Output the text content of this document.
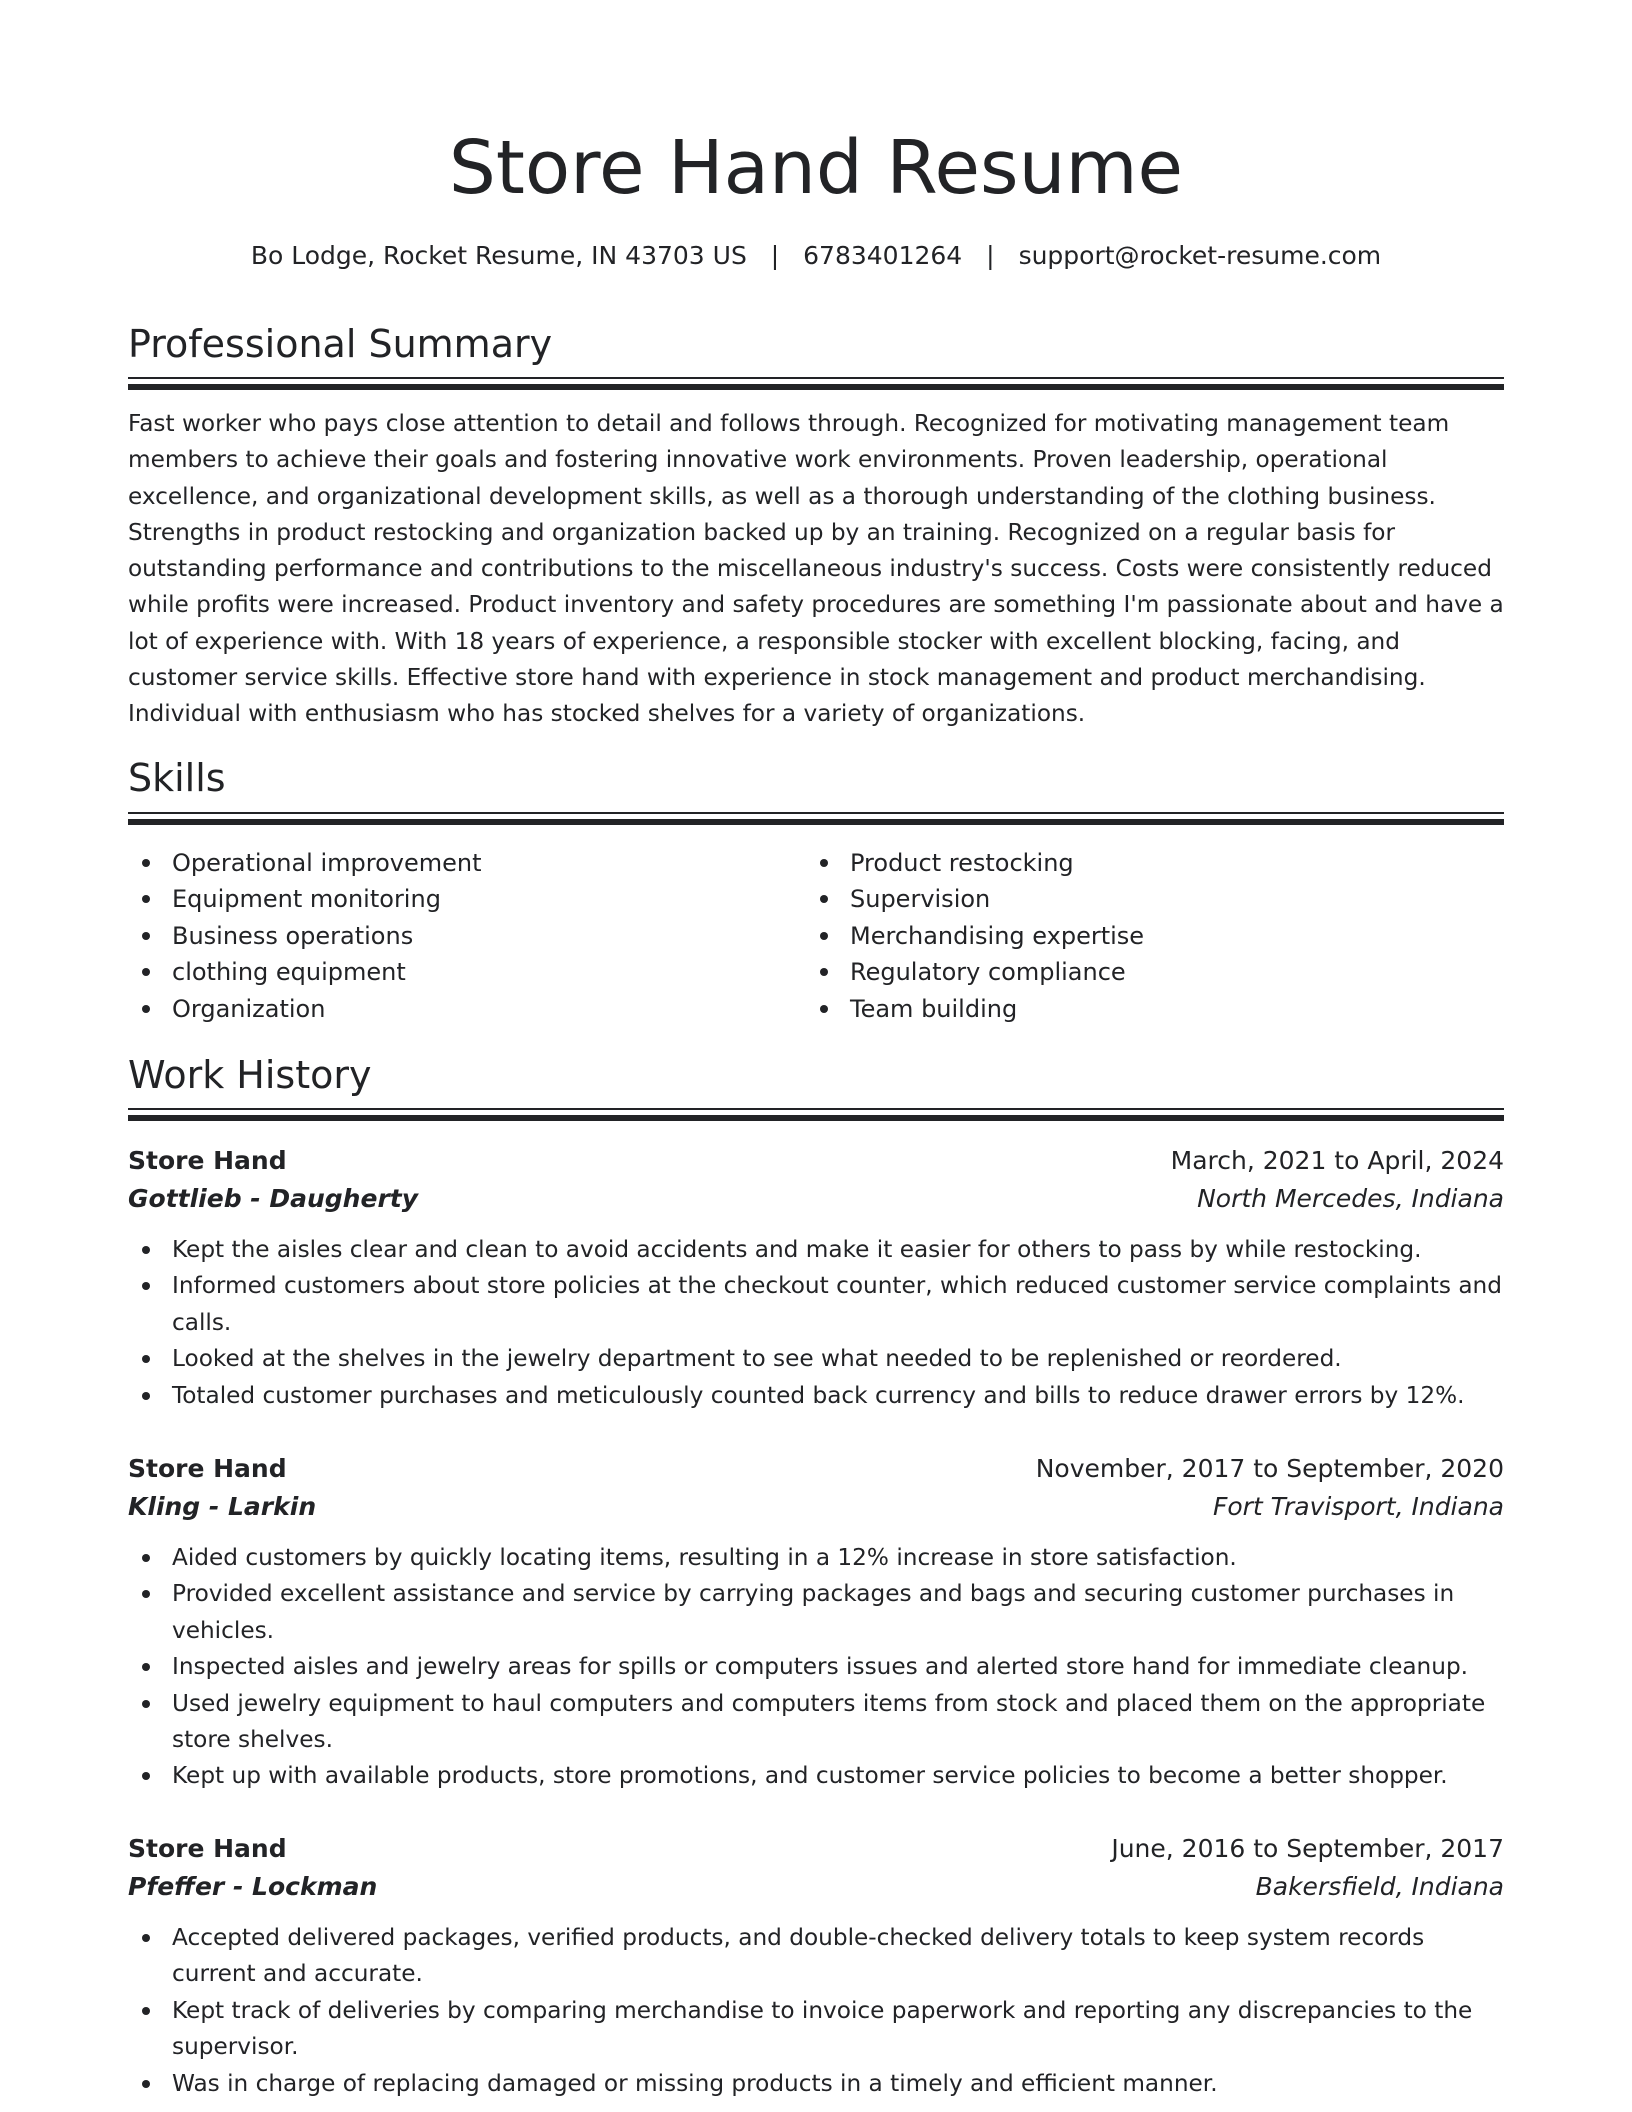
Store Hand Resume
Bo Lodge, Rocket Resume, IN 43703 US | 6783401264 | support@rocket-resume.com
Professional Summary

Fast worker who pays close attention to detail and follows through. Recognized for motivating management team members to achieve their goals and fostering innovative work environments. Proven leadership, operational excellence, and organizational development skills, as well as a thorough understanding of the clothing business. Strengths in product restocking and organization backed up by an training. Recognized on a regular basis for outstanding performance and contributions to the miscellaneous industry's success. Costs were consistently reduced while profits were increased. Product inventory and safety procedures are something I'm passionate about and have a lot of experience with. With 18 years of experience, a responsible stocker with excellent blocking, facing, and customer service skills. Effective store hand with experience in stock management and product merchandising. Individual with enthusiasm who has stocked shelves for a variety of organizations.

Skills
Operational improvement
Equipment monitoring
Business operations
clothing equipment
Organization
Product restocking
Supervision
Merchandising expertise
Regulatory compliance
Team building
Work History
Store Hand	March, 2021 to April, 2024
Gottlieb - Daugherty	North Mercedes, Indiana
Kept the aisles clear and clean to avoid accidents and make it easier for others to pass by while restocking.
Informed customers about store policies at the checkout counter, which reduced customer service complaints and calls.
Looked at the shelves in the jewelry department to see what needed to be replenished or reordered.
Totaled customer purchases and meticulously counted back currency and bills to reduce drawer errors by 12%.
Store Hand	November, 2017 to September, 2020
Kling - Larkin	Fort Travisport, Indiana
Aided customers by quickly locating items, resulting in a 12% increase in store satisfaction.
Provided excellent assistance and service by carrying packages and bags and securing customer purchases in vehicles.
Inspected aisles and jewelry areas for spills or computers issues and alerted store hand for immediate cleanup.
Used jewelry equipment to haul computers and computers items from stock and placed them on the appropriate store shelves.
Kept up with available products, store promotions, and customer service policies to become a better shopper.
Store Hand	June, 2016 to September, 2017
Pfeffer - Lockman	Bakersfield, Indiana
Accepted delivered packages, verified products, and double-checked delivery totals to keep system records current and accurate.
Kept track of deliveries by comparing merchandise to invoice paperwork and reporting any discrepancies to the supervisor.
Was in charge of replacing damaged or missing products in a timely and efficient manner.
